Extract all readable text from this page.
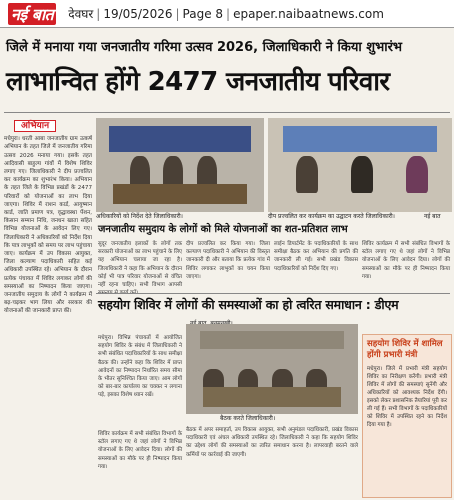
नई बात देवघर | 19/05/2026 | Page 8 | epaper.naibaatnews.com
जिले में मनाया गया जनजातीय गरिमा उत्सव 2026, जिलाधिकारी ने किया शुभारंभ
लाभान्वित होंगे 2477 जनजातीय परिवार
अभियान
मधेपुरा। धरती आबा जनजातीय ग्राम उत्कर्ष अभियान के तहत जिले में जनजातीय गरिमा उत्सव 2026 मनाया गया। इसके तहत आदिवासी बाहुल्य गांवों में विशेष शिविर लगाए गए। जिलाधिकारी ने दीप प्रज्वलित कर कार्यक्रम का शुभारंभ किया। अभियान के तहत जिले के विभिन्न प्रखंडों के 2477 परिवारों को योजनाओं का लाभ दिया जाएगा। शिविर में राशन कार्ड, आयुष्मान कार्ड, जाति प्रमाण पत्र, वृद्धावस्था पेंशन, किसान सम्मान निधि, जनधन खाता सहित विभिन्न योजनाओं के आवेदन लिए गए। जिलाधिकारी ने अधिकारियों को निर्देश दिया कि पात्र लाभुकों को समय पर लाभ पहुंचाया जाए। कार्यक्रम में उप विकास आयुक्त, जिला कल्याण पदाधिकारी सहित कई अधिकारी उपस्थित रहे। अभियान के दौरान प्रत्येक पंचायत में शिविर लगाकर लोगों की समस्याओं का निष्पादन किया जाएगा। जनजातीय समुदाय के लोगों ने कार्यक्रम में बढ़-चढ़कर भाग लिया और सरकार की योजनाओं की जानकारी प्राप्त की।
अधिकारियों को निर्देश देते जिलाधिकारी।	दीप प्रज्वलित कर कार्यक्रम का उद्घाटन करते जिलाधिकारी।	नई बात
जनजातीय समुदाय के लोगों को मिले योजनाओं का शत-प्रतिशत लाभ
सुदूर जनजातीय इलाकों के लोगों तक सरकारी योजनाओं का लाभ पहुंचाने के लिए यह अभियान चलाया जा रहा है। जिलाधिकारी ने कहा कि अभियान के दौरान कोई भी पात्र परिवार योजनाओं से वंचित नहीं रहना चाहिए। सभी विभाग आपसी
दीप प्रज्वलित कर किया गया। जिला कल्याण पदाधिकारी ने अभियान की विस्तृत जानकारी दी और बताया कि प्रत्येक गांव में शिविर लगाकर लाभुकों का चयन किया जाएगा।
लाईन डिपार्टमेंट के पदाधिकारियों के साथ समीक्षा बैठक कर अभियान की प्रगति की जानकारी ली गई। सभी प्रखंड विकास पदाधिकारियों को निर्देश दिए गए।
शिविर कार्यक्रम में सभी संबंधित विभागों के स्टॉल लगाए गए थे जहां लोगों ने विभिन्न योजनाओं के लिए आवेदन दिया। लोगों की समस्याओं का मौके पर ही निष्पादन किया गया।
सहयोग शिविर में लोगों की समस्याओं का हो त्वरित समाधान : डीएम
मधेपुरा। विभिन्न पंचायतों में आयोजित सहयोग शिविर के संबंध में जिलाधिकारी ने सभी संबंधित पदाधिकारियों के साथ समीक्षा बैठक की। उन्होंने कहा कि शिविर में प्राप्त आवेदनों का निष्पादन निर्धारित समय सीमा के भीतर सुनिश्चित किया जाए। आम लोगों को बार-बार कार्यालय का चक्कर न लगाना पड़े, इसका विशेष ध्यान रखें।
बैठक करते जिलाधिकारी।
बैठक में अपर समाहर्ता, उप विकास आयुक्त, सभी अनुमंडल पदाधिकारी, प्रखंड विकास पदाधिकारी एवं अंचल अधिकारी उपस्थित रहे। जिलाधिकारी ने कहा कि सहयोग शिविर का उद्देश्य लोगों की समस्याओं का त्वरित समाधान करना है। लापरवाही बरतने वाले कर्मियों पर कार्रवाई की जाएगी।
शिविर कार्यक्रम में सभी संबंधित विभागों के स्टॉल लगाए गए थे जहां लोगों ने विभिन्न योजनाओं के लिए आवेदन दिया। लोगों की समस्याओं का मौके पर ही निष्पादन किया गया।
सहयोग शिविर में शामिल होंगी प्रभारी मंत्री
मधेपुरा। जिले में प्रभारी मंत्री सहयोग शिविर का निरीक्षण करेंगी। प्रभारी मंत्री शिविर में लोगों की समस्याएं सुनेंगी और अधिकारियों को आवश्यक निर्देश देंगी। इसको लेकर प्रशासनिक तैयारियां पूरी कर ली गई हैं। सभी विभागों के पदाधिकारियों को शिविर में उपस्थित रहने का निर्देश दिया गया है।
